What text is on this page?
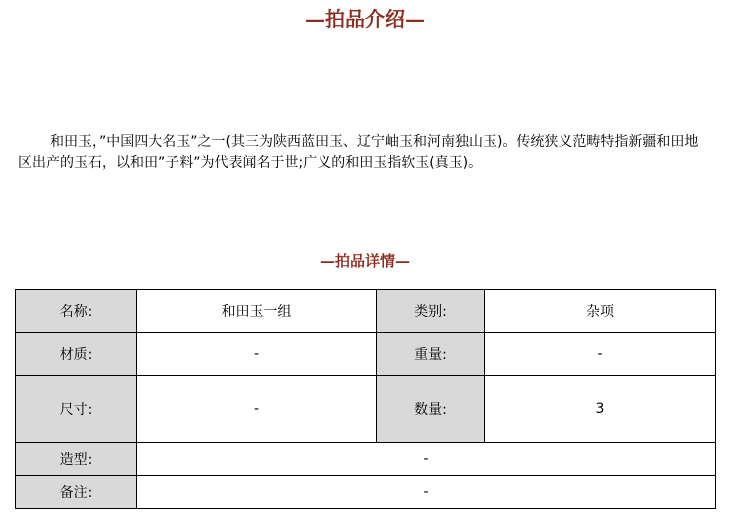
—拍品介绍—

和田玉，”中国四大名玉”之一(其三为陕西蓝田玉、辽宁岫玉和河南独山玉)。传统狭义范畴特指新疆和田地区出产的玉石，以和田”子料”为代表闻名于世;广义的和田玉指软玉(真玉)。

—拍品详情—
名称:	和田玉一组	类别:	杂项
材质:	-	重量:	-
尺寸:	-	数量:	3
造型:	-		
备注:	-		
